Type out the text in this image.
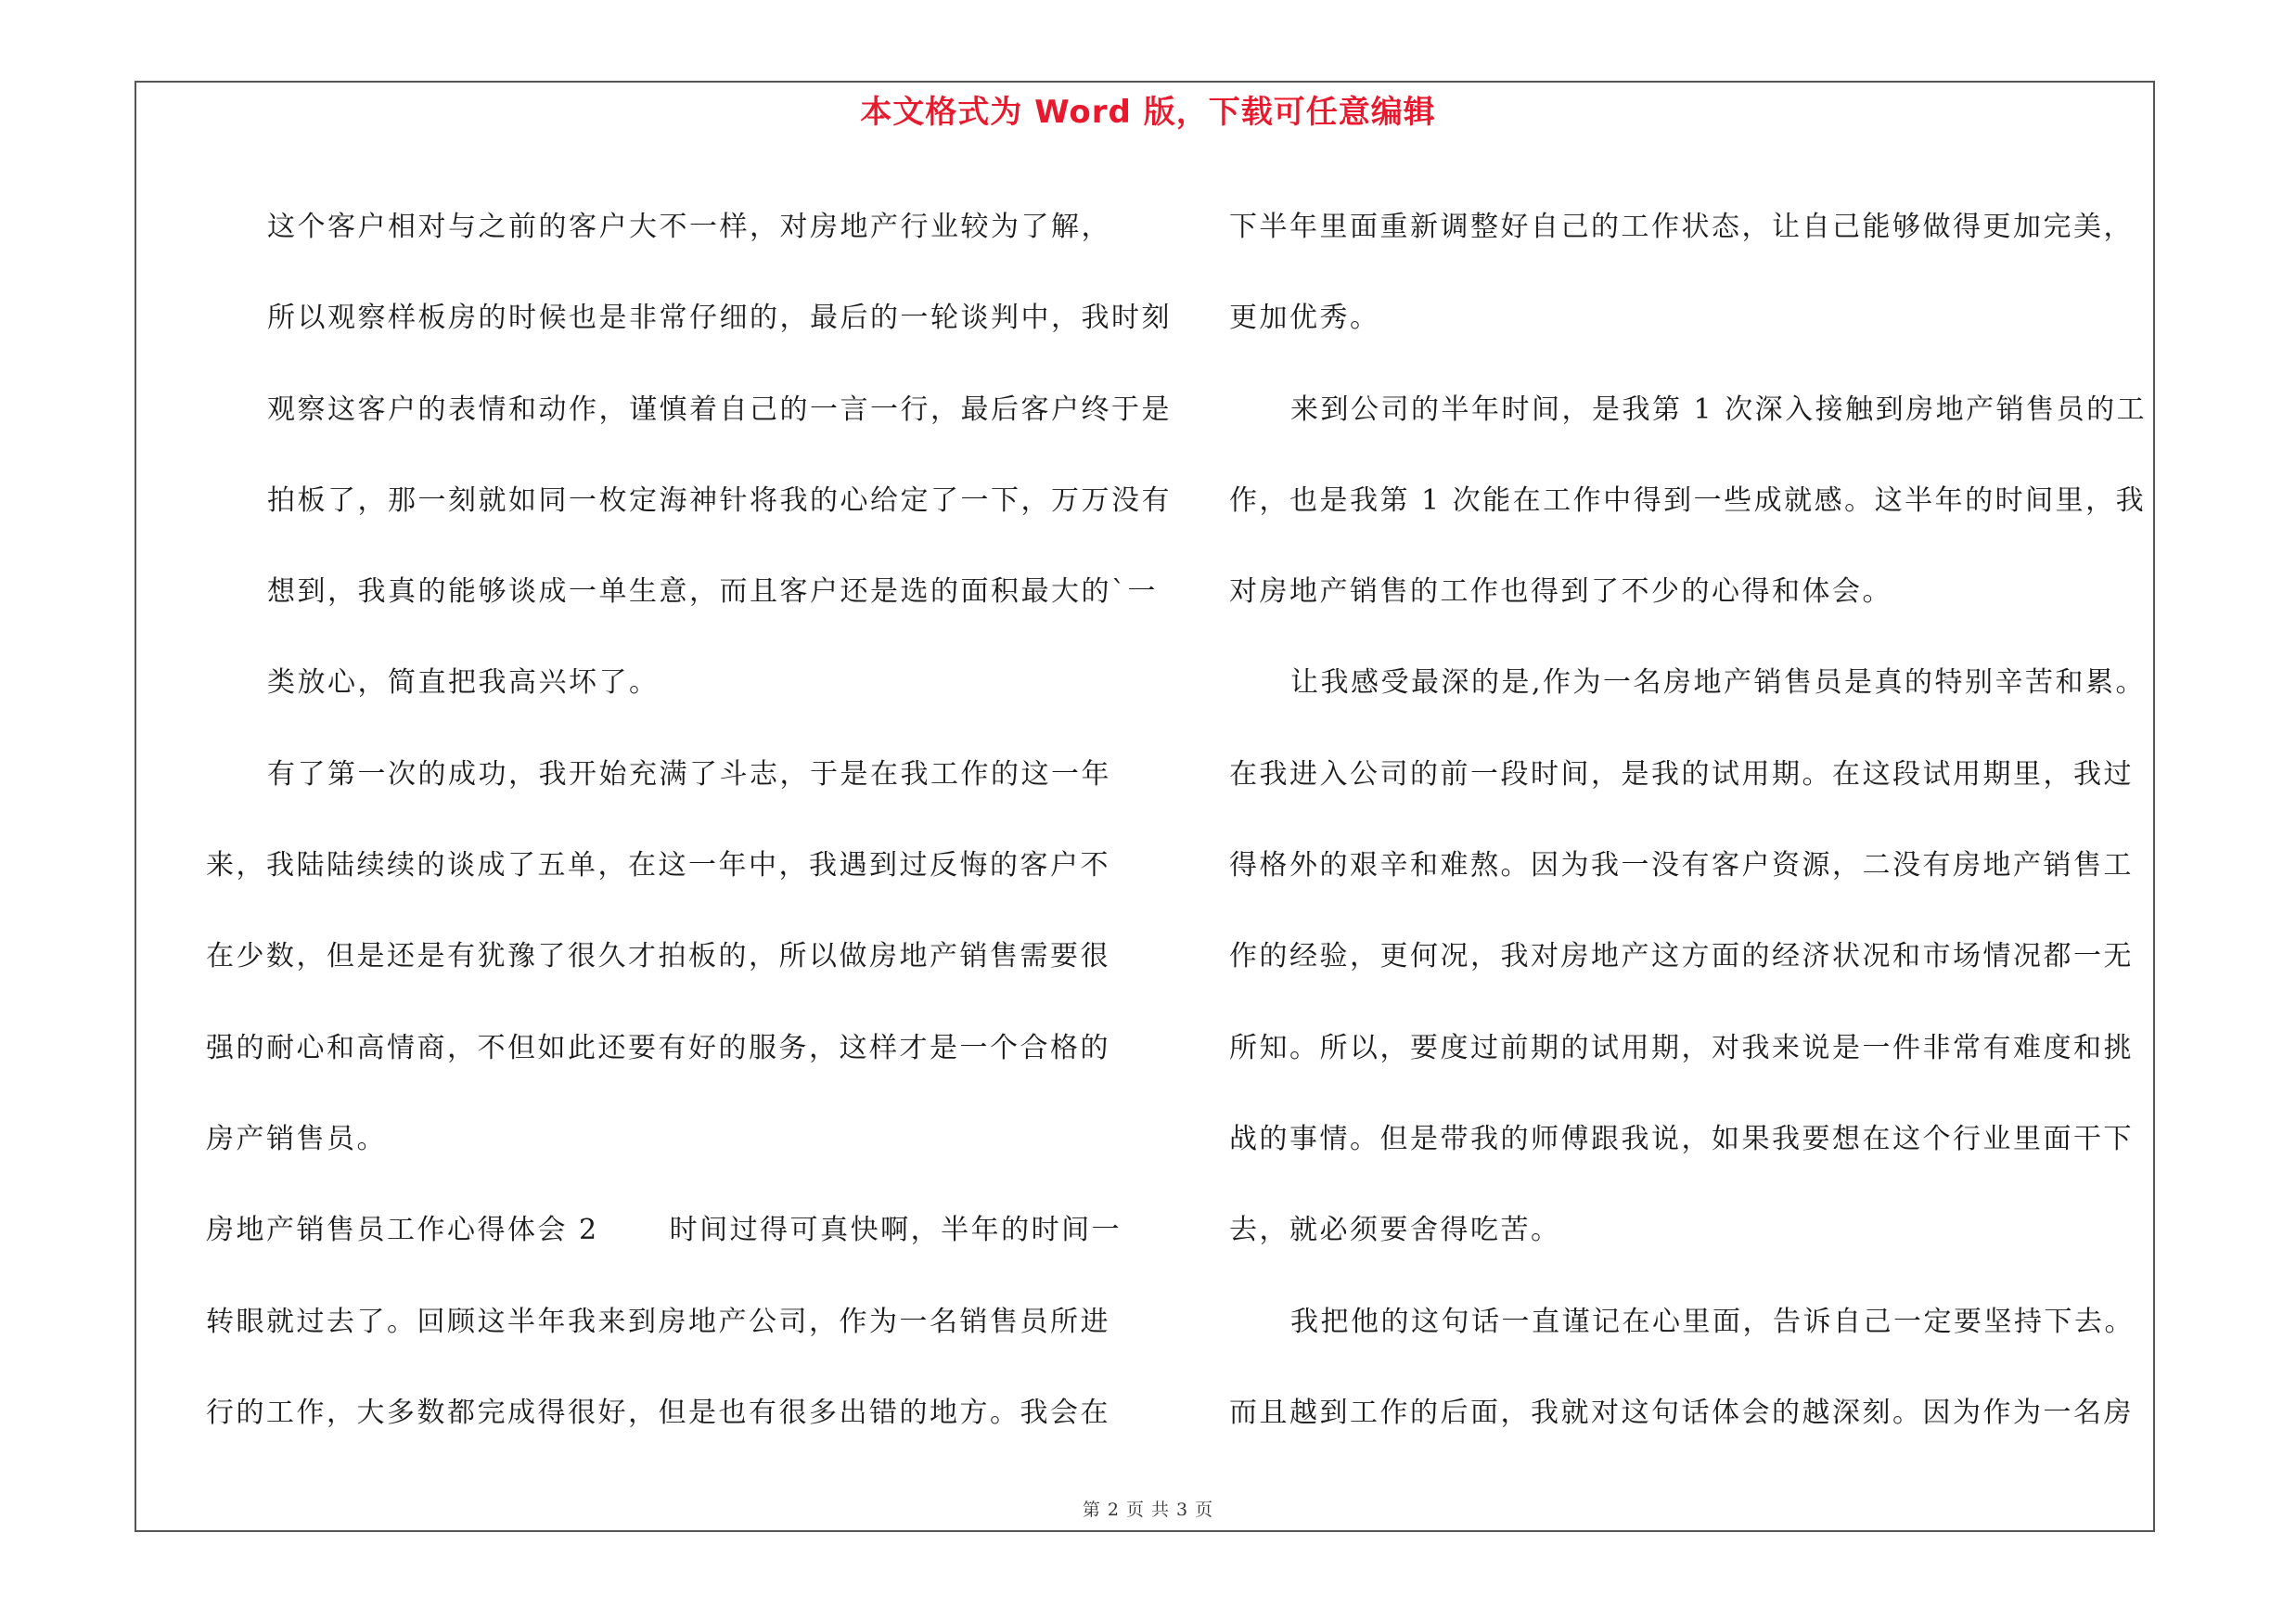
本文格式为 Word 版，下载可任意编辑

这个客户相对与之前的客户大不一样，对房地产行业较为了解，
所以观察样板房的时候也是非常仔细的，最后的一轮谈判中，我时刻
观察这客户的表情和动作，谨慎着自己的一言一行，最后客户终于是
拍板了，那一刻就如同一枚定海神针将我的心给定了一下，万万没有
想到，我真的能够谈成一单生意，而且客户还是选的面积最大的`一
类放心，简直把我高兴坏了。

有了第一次的成功，我开始充满了斗志，于是在我工作的这一年
来，我陆陆续续的谈成了五单，在这一年中，我遇到过反悔的客户不
在少数，但是还是有犹豫了很久才拍板的，所以做房地产销售需要很
强的耐心和高情商，不但如此还要有好的服务，这样才是一个合格的
房产销售员。

房地产销售员工作心得体会 2	时间过得可真快啊，半年的时间一
转眼就过去了。回顾这半年我来到房地产公司，作为一名销售员所进
行的工作，大多数都完成得很好，但是也有很多出错的地方。我会在

下半年里面重新调整好自己的工作状态，让自己能够做得更加完美，
更加优秀。

来到公司的半年时间，是我第 1 次深入接触到房地产销售员的工
作，也是我第 1 次能在工作中得到一些成就感。这半年的时间里，我
对房地产销售的工作也得到了不少的心得和体会。

让我感受最深的是,作为一名房地产销售员是真的特别辛苦和累。
在我进入公司的前一段时间，是我的试用期。在这段试用期里，我过
得格外的艰辛和难熬。因为我一没有客户资源，二没有房地产销售工
作的经验，更何况，我对房地产这方面的经济状况和市场情况都一无
所知。所以，要度过前期的试用期，对我来说是一件非常有难度和挑
战的事情。但是带我的师傅跟我说，如果我要想在这个行业里面干下
去，就必须要舍得吃苦。

我把他的这句话一直谨记在心里面，告诉自己一定要坚持下去。
而且越到工作的后面，我就对这句话体会的越深刻。因为作为一名房

第 2 页 共 3 页
